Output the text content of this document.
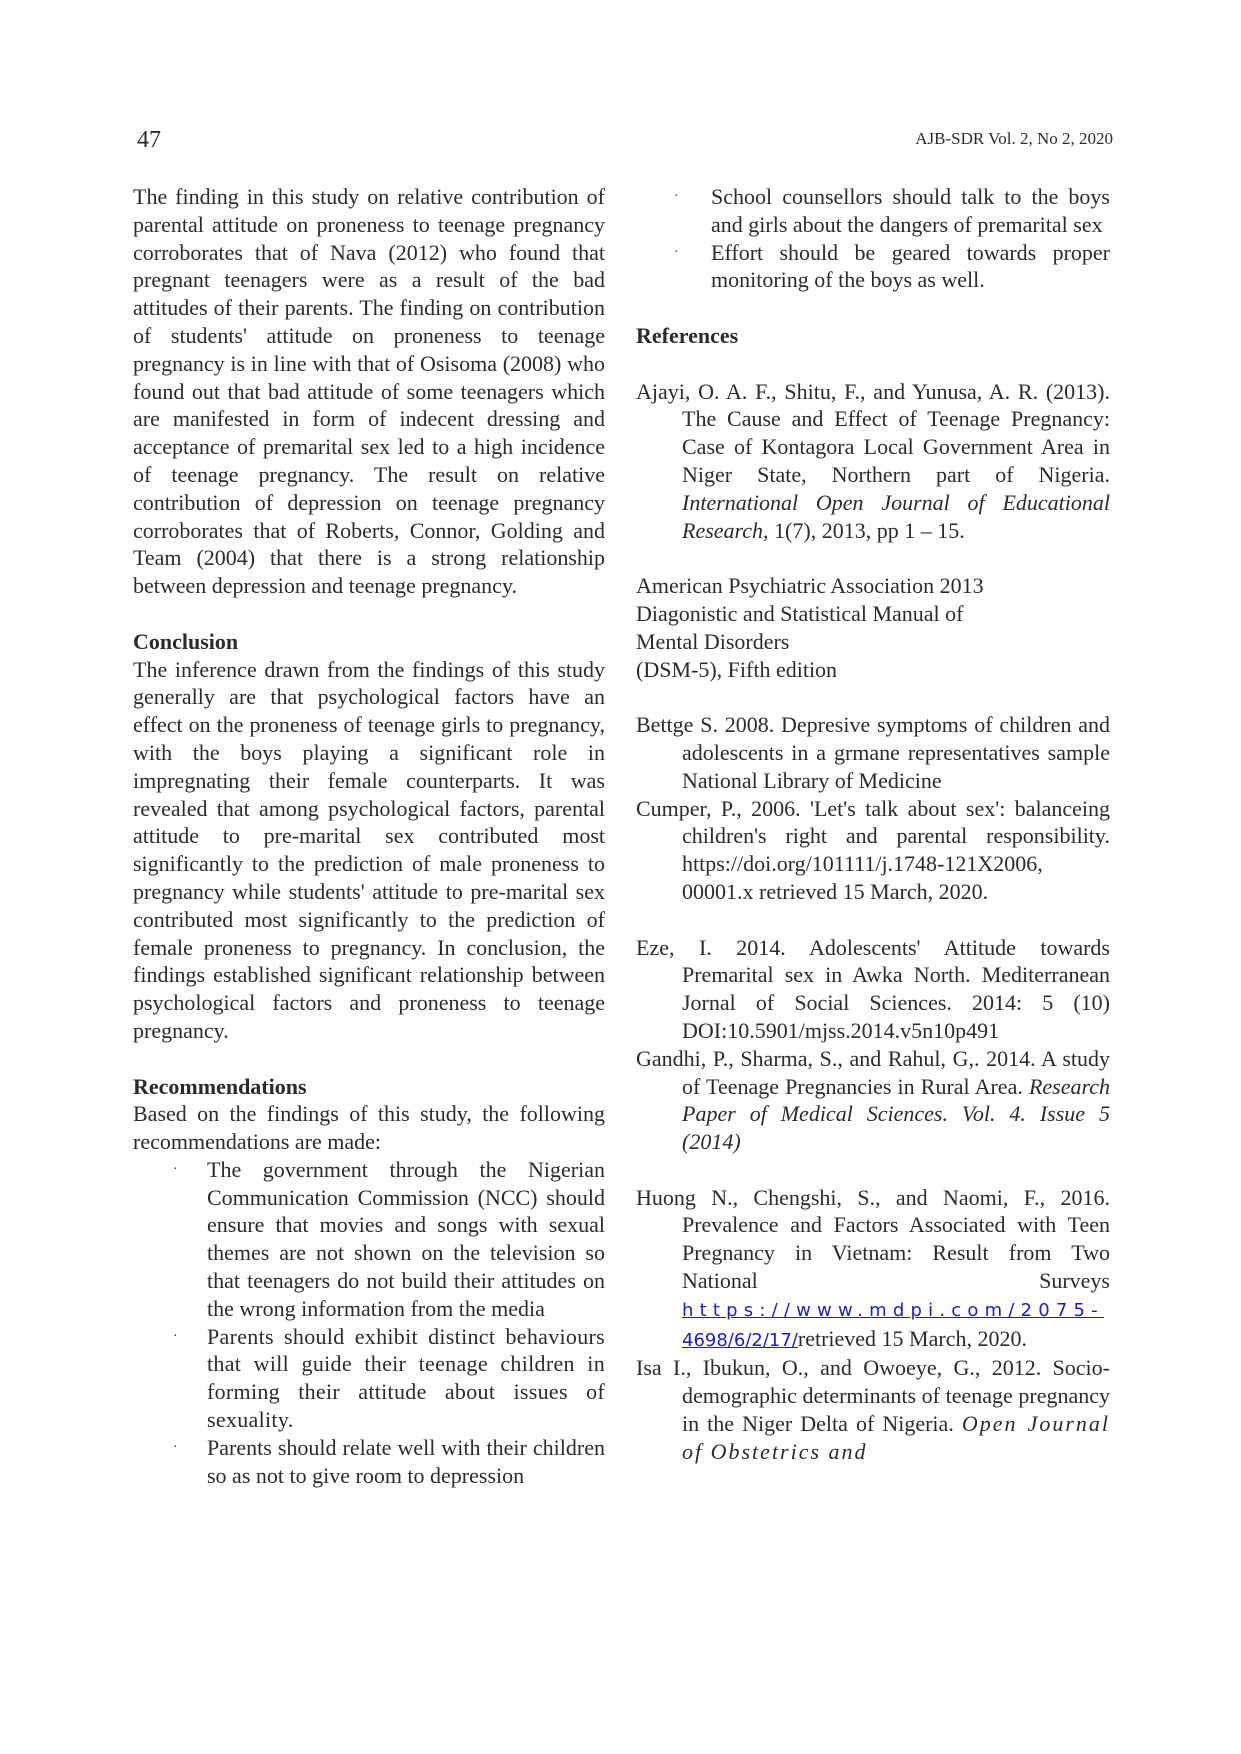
47	AJB-SDR Vol. 2, No 2, 2020

The finding in this study on relative contribution of parental attitude on proneness to teenage pregnancy corroborates that of Nava (2012) who found that pregnant teenagers were as a result of the bad attitudes of their parents. The finding on contribution of students' attitude on proneness to teenage pregnancy is in line with that of Osisoma (2008) who found out that bad attitude of some teenagers which are manifested in form of indecent dressing and acceptance of premarital sex led to a high incidence of teenage pregnancy. The result on relative contribution of depression on teenage pregnancy corroborates that of Roberts, Connor, Golding and Team (2004) that there is a strong relationship between depression and teenage pregnancy.

Conclusion

The inference drawn from the findings of this study generally are that psychological factors have an effect on the proneness of teenage girls to pregnancy, with the boys playing a significant role in impregnating their female counterparts. It was revealed that among psychological factors, parental attitude to pre-marital sex contributed most significantly to the prediction of male proneness to pregnancy while students' attitude to pre-marital sex contributed most significantly to the prediction of female proneness to pregnancy. In conclusion, the findings established significant relationship between psychological factors and proneness to teenage pregnancy.

Recommendations

Based on the findings of this study, the following recommendations are made:

· The government through the Nigerian Communication Commission (NCC) should ensure that movies and songs with sexual themes are not shown on the television so that teenagers do not build their attitudes on the wrong information from the media
· Parents should exhibit distinct behaviours that will guide their teenage children in forming their attitude about issues of sexuality.
· Parents should relate well with their children so as not to give room to depression
· School counsellors should talk to the boys and girls about the dangers of premarital sex
· Effort should be geared towards proper monitoring of the boys as well.
References
Ajayi, O. A. F., Shitu, F., and Yunusa, A. R. (2013). The Cause and Effect of Teenage Pregnancy: Case of Kontagora Local Government Area in Niger State, Northern part of Nigeria. International Open Journal of Educational Research, 1(7), 2013, pp 1 – 15.
American Psychiatric Association 2013
Diagonistic and Statistical Manual of
Mental Disorders
(DSM-5), Fifth edition
Bettge S. 2008. Depresive symptoms of children and adolescents in a grmane representatives sample National Library of Medicine
Cumper, P., 2006. 'Let's talk about sex': balanceing children's right and parental responsibility. https://doi.org/101111/j.1748-121X2006, 00001.x retrieved 15 March, 2020.
Eze, I. 2014. Adolescents' Attitude towards Premarital sex in Awka North. Mediterranean Jornal of Social Sciences. 2014: 5 (10) DOI:10.5901/mjss.2014.v5n10p491
Gandhi, P., Sharma, S., and Rahul, G,. 2014. A study of Teenage Pregnancies in Rural Area. Research Paper of Medical Sciences. Vol. 4. Issue 5 (2014)
Huong N., Chengshi, S., and Naomi, F., 2016. Prevalence and Factors Associated with Teen Pregnancy in Vietnam: Result from Two National Surveys https://www.mdpi.com/2075-4698/6/2/17/retrieved 15 March, 2020.
Isa I., Ibukun, O., and Owoeye, G., 2012. Socio-demographic determinants of teenage pregnancy in the Niger Delta of Nigeria. Open Journal of Obstetrics and
